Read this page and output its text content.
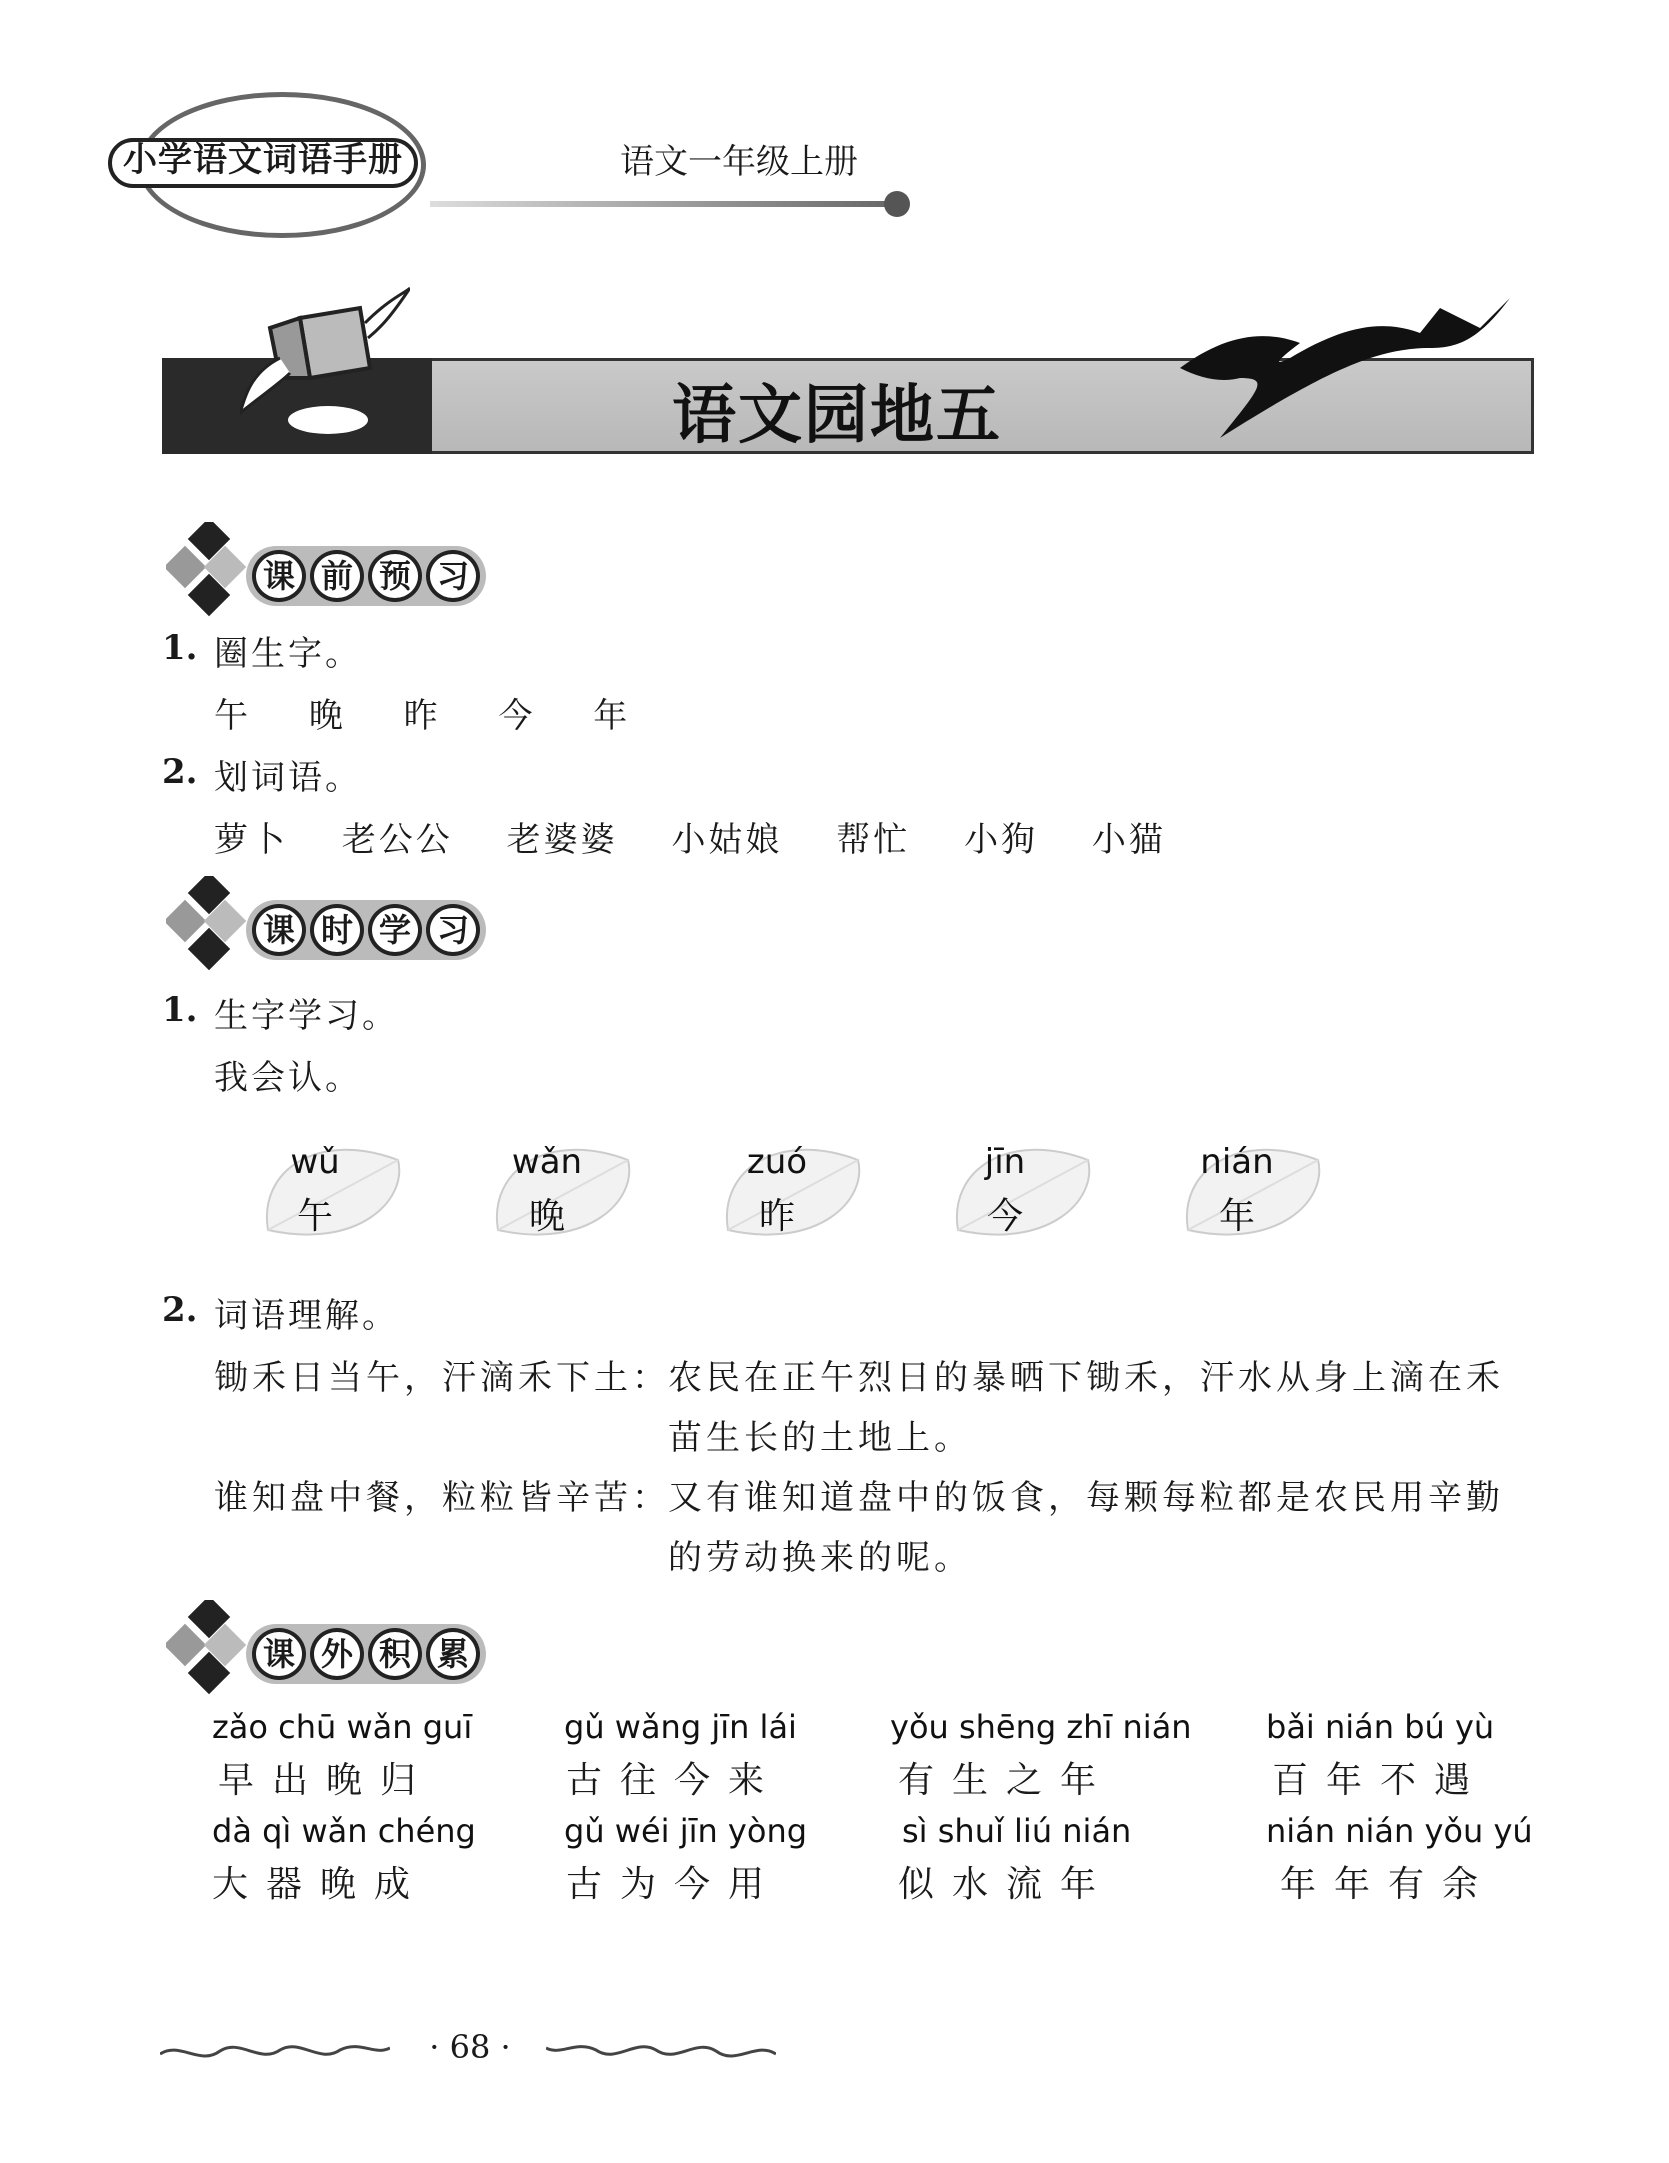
小学语文词语手册	语文一年级上册
语文园地五
课 前 预 习
1. 圈生字。
午 晚 昨 今 年
2. 划词语。
萝卜 老公公 老婆婆 小姑娘 帮忙 小狗 小猫
课 时 学 习
1. 生字学习。
我会认。
wǔ
午
wǎn
晚
zuó
昨
jīn
今
nián
年
2. 词语理解。
锄禾日当午，汗滴禾下土：
农民在正午烈日的暴晒下锄禾，汗水从身上滴在禾
苗生长的土地上。
谁知盘中餐，粒粒皆辛苦：
又有谁知道盘中的饭食，每颗每粒都是农民用辛勤
的劳动换来的呢。
课 外 积 累
zǎo chū wǎn guī
早出晚归
gǔ wǎng jīn lái
古往今来
yǒu shēng zhī nián
有生之年
bǎi nián bú yù
百年不遇
dà qì wǎn chéng
大器晚成
gǔ wéi jīn yòng
古为今用
sì shuǐ liú nián
似水流年
nián nián yǒu yú
年年有余
· 68 ·
